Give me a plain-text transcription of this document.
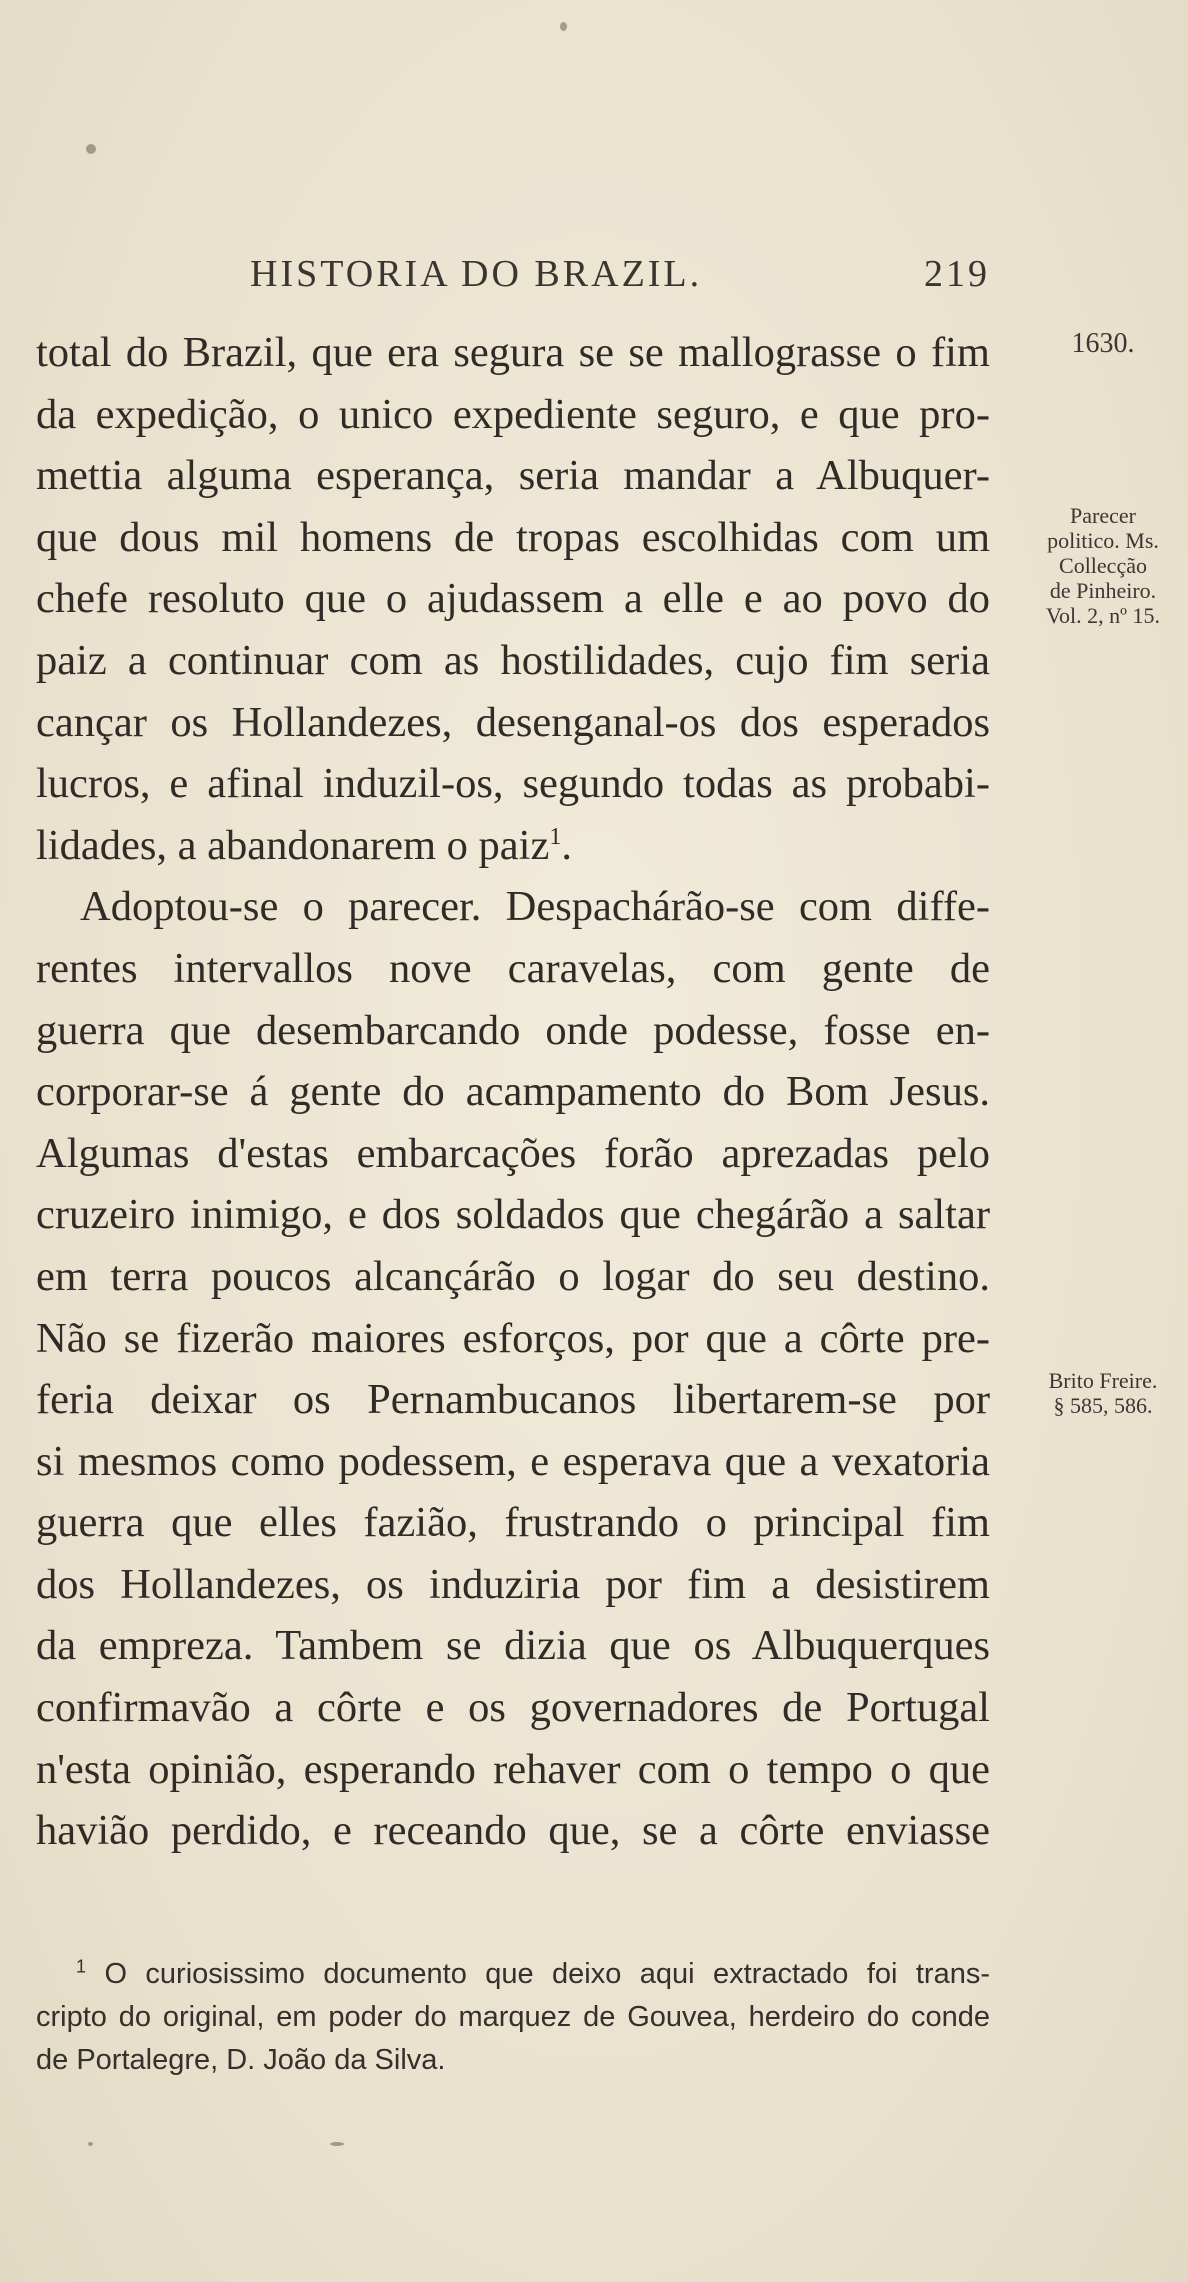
HISTORIA DO BRAZIL.	219
total do Brazil, que era segura se se mallograsse o fim
da expedição, o unico expediente seguro, e que pro-
mettia alguma esperança, seria mandar a Albuquer-
que dous mil homens de tropas escolhidas com um
chefe resoluto que o ajudassem a elle e ao povo do
paiz a continuar com as hostilidades, cujo fim seria
cançar os Hollandezes, desenganal-os dos esperados
lucros, e afinal induzil-os, segundo todas as probabi-
lidades, a abandonarem o paiz$^1$.
Adoptou-se o parecer. Despachárão-se com diffe-
rentes intervallos nove caravelas, com gente de
guerra que desembarcando onde podesse, fosse en-
corporar-se á gente do acampamento do Bom Jesus.
Algumas d'estas embarcações forão aprezadas pelo
cruzeiro inimigo, e dos soldados que chegárão a saltar
em terra poucos alcançárão o logar do seu destino.
Não se fizerão maiores esforços, por que a côrte pre-
feria deixar os Pernambucanos libertarem-se por
si mesmos como podessem, e esperava que a vexatoria
guerra que elles fazião, frustrando o principal fim
dos Hollandezes, os induziria por fim a desistirem
da empreza. Tambem se dizia que os Albuquerques
confirmavão a côrte e os governadores de Portugal
n'esta opinião, esperando rehaver com o tempo o que
havião perdido, e receando que, se a côrte enviasse
1630.
Parecer
politico. Ms.
Collecção
de Pinheiro.
Vol. 2, nº 15.
Brito Freire.
§ 585, 586.
$^1$ O curiosissimo documento que deixo aqui extractado foi trans-
cripto do original, em poder do marquez de Gouvea, herdeiro do conde
de Portalegre, D. João da Silva.
